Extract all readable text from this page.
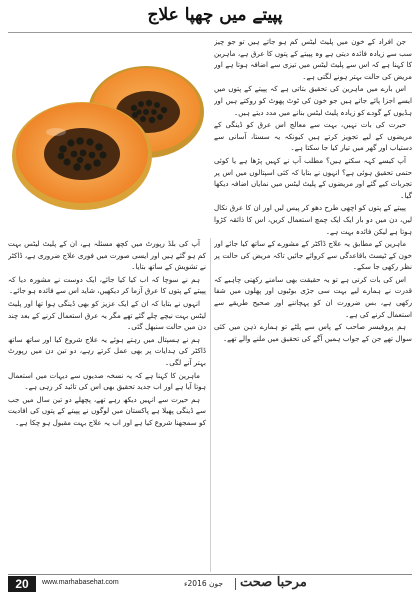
پپیتے میں چھپا علاج

جن افراد کے خون میں پلیٹ لیٹس کم ہو جاتے ہیں تو جو چیز سب سے زیادہ فائدہ دیتی ہے وہ پپیتے کے پتوں کا عرق ہے، ماہرین کا کہنا ہے کہ اس سے پلیٹ لیٹس میں تیزی سے اضافہ ہوتا ہے اور مریض کی حالت بہتر ہونے لگتی ہے۔

اس بارے میں ماہرین کی تحقیق بتاتی ہے کہ پپیتے کے پتوں میں ایسے اجزا پائے جاتے ہیں جو خون کی ٹوٹ پھوٹ کو روکتے ہیں اور ہڈیوں کے گودے کو زیادہ پلیٹ لیٹس بنانے میں مدد دیتے ہیں۔

حیرت کی بات نہیں، بہت سے معالج اس عرق کو ڈینگی کے مریضوں کے لیے تجویز کرتے ہیں کیونکہ یہ سستا، آسانی سے دستیاب اور گھر میں تیار کیا جا سکتا ہے۔

آپ کیسے کہہ سکتے ہیں؟ مطلب آپ نے کہیں پڑھا ہے یا کوئی حتمی تحقیق ہوئی ہے؟ انہوں نے بتایا کہ کئی اسپتالوں میں اس پر تجربات کیے گئے اور مریضوں کے پلیٹ لیٹس میں نمایاں اضافہ دیکھا گیا۔

پپیتے کے پتوں کو اچھی طرح دھو کر پیس لیں اور ان کا عرق نکال لیں، دن میں دو بار ایک ایک چمچ استعمال کریں، اس کا ذائقہ کڑوا ہوتا ہے لیکن فائدہ بہت ہے۔

ماہرین کے مطابق یہ علاج ڈاکٹر کے مشورے کے ساتھ کیا جائے اور خون کے ٹیسٹ باقاعدگی سے کروائے جائیں تاکہ مریض کی حالت پر نظر رکھی جا سکے۔

اس کی بات کرنی ہے تو یہ حقیقت بھی سامنے رکھنی چاہیے کہ قدرت نے ہمارے لیے بہت سی جڑی بوٹیوں اور پھلوں میں شفا رکھی ہے، بس ضرورت ان کو پہچاننے اور صحیح طریقے سے استعمال کرنے کی ہے۔

ہم پروفیسر صاحب کے پاس سے پلٹے تو ہمارے ذہن میں کئی سوال تھے جن کے جواب ہمیں آگے کی تحقیق میں ملنے والے تھے۔

آپ کی بلڈ رپورٹ میں کچھ مسئلہ ہے، ان کے پلیٹ لیٹس بہت کم ہو گئے ہیں اور ایسی صورت میں فوری علاج ضروری ہے، ڈاکٹر نے تشویش کے ساتھ بتایا۔

ہم نے سوچا کہ اب کیا کیا جائے، ایک دوست نے مشورہ دیا کہ پپیتے کے پتوں کا عرق آزما کر دیکھیں، شاید اس سے فائدہ ہو جائے۔

انہوں نے بتایا کہ ان کے ایک عزیز کو بھی ڈینگی ہوا تھا اور پلیٹ لیٹس بہت نیچے چلے گئے تھے مگر یہ عرق استعمال کرنے کے بعد چند دن میں حالت سنبھل گئی۔

ہم نے ہسپتال میں رہتے ہوئے یہ علاج شروع کیا اور ساتھ ساتھ ڈاکٹر کی ہدایات پر بھی عمل کرتے رہے، دو تین دن میں رپورٹ بہتر آنے لگی۔

ماہرین کا کہنا ہے کہ یہ نسخہ صدیوں سے دیہات میں استعمال ہوتا آیا ہے اور اب جدید تحقیق بھی اس کی تائید کر رہی ہے۔

ہم حیرت سے انہیں دیکھ رہے تھے، پچھلے دو تین سال میں جب سے ڈینگی پھیلا ہے پاکستان میں لوگوں نے پپیتے کے پتوں کی افادیت کو سمجھنا شروع کیا ہے اور اب یہ علاج بہت مقبول ہو چکا ہے۔

20	www.marhabasehat.com	جون 2016ء مرحبا صحت
